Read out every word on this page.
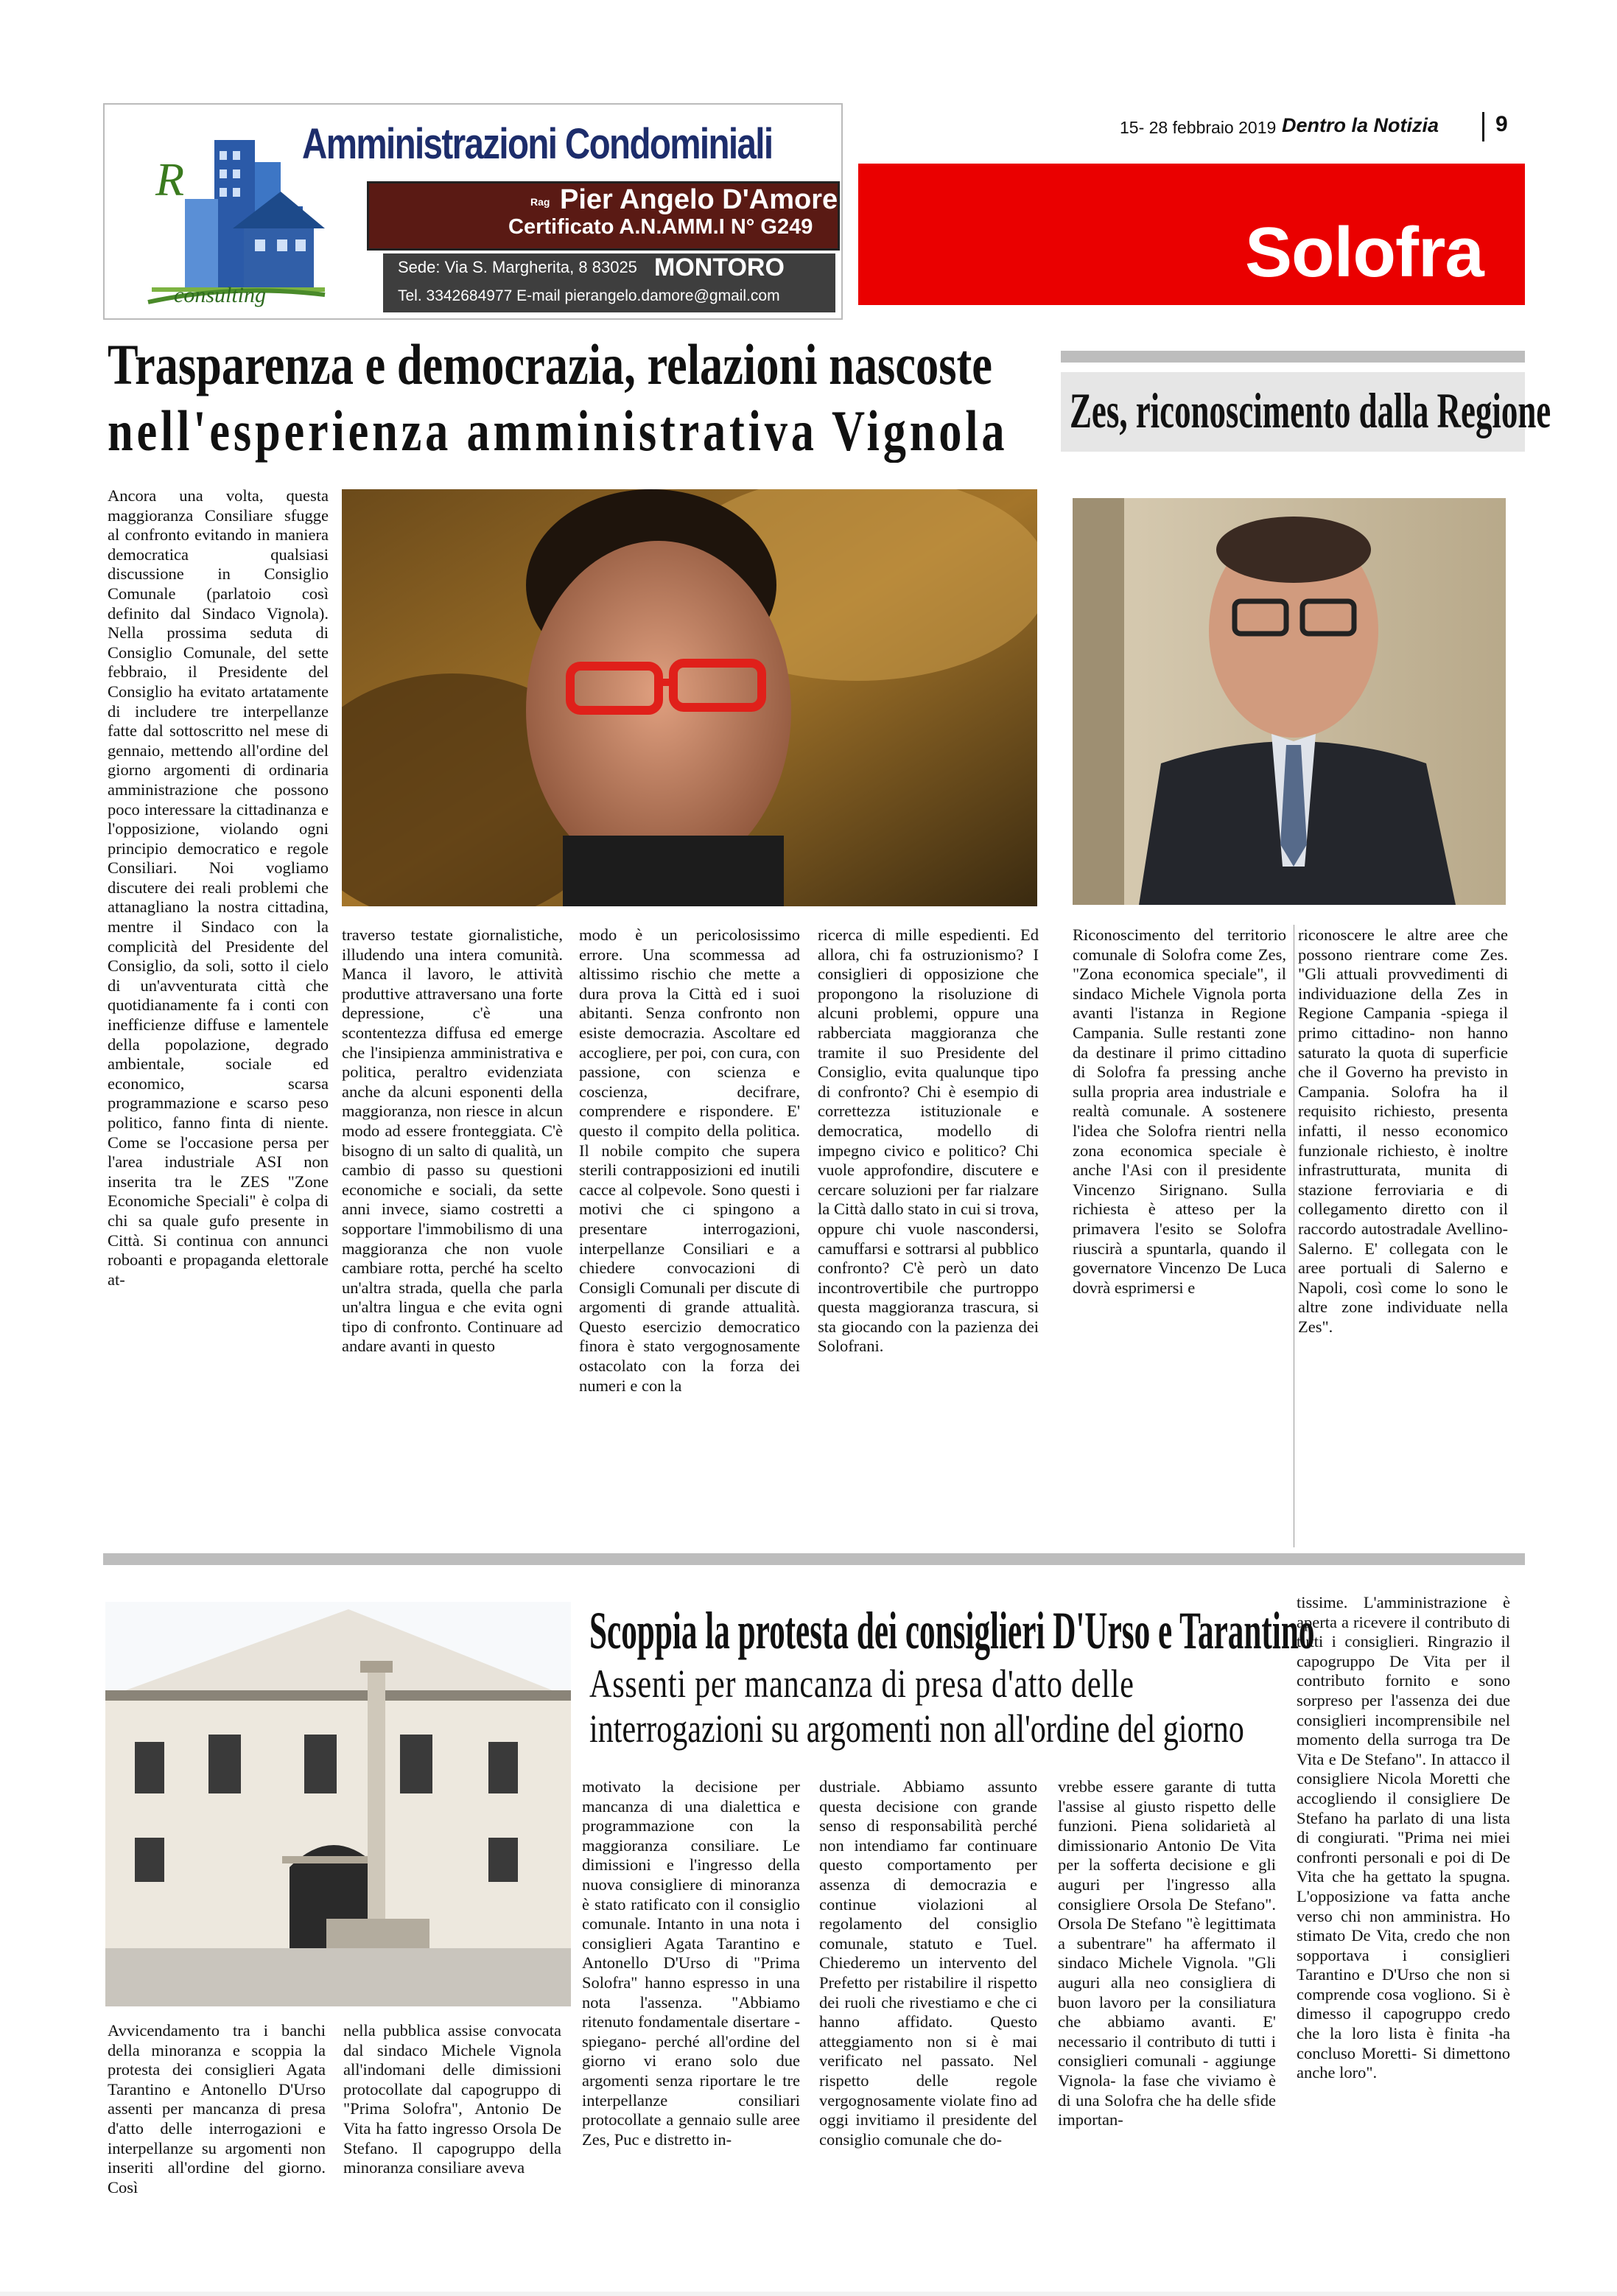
R
consulting
Amministrazioni Condominiali
Rag Pier Angelo D'Amore
Certificato A.N.AMM.I N° G249
Sede: Via S. Margherita, 8 83025 MONTORO
Tel. 3342684977 E-mail pierangelo.damore@gmail.com
15- 28 febbraio 2019 Dentro la Notizia	9
Solofra
Trasparenza e democrazia, relazioni nascoste
nell'esperienza amministrativa Vignola

Ancora una volta, questa maggioranza Consiliare sfugge al confronto evitando in maniera democratica qualsiasi discussione in Consiglio Comunale (parlatoio così definito dal Sindaco Vignola). Nella prossima seduta di Consiglio Comunale, del sette febbraio, il Presidente del Consiglio ha evitato artatamente di includere tre interpellanze fatte dal sottoscritto nel mese di gennaio, mettendo all'ordine del giorno argomenti di ordinaria amministrazione che possono poco interessare la cittadinanza e l'opposizione, violando ogni principio democratico e regole Consiliari. Noi vogliamo discutere dei reali problemi che attanagliano la nostra cittadina, mentre il Sindaco con la complicità del Presidente del Consiglio, da soli, sotto il cielo di un'avventurata città che quotidianamente fa i conti con inefficienze diffuse e lamentele della popolazione, degrado ambientale, sociale ed economico, scarsa programmazione e scarso peso politico, fanno finta di niente. Come se l'occasione persa per l'area industriale ASI non inserita tra le ZES "Zone Economiche Speciali" è colpa di chi sa quale gufo presente in Città. Si continua con annunci roboanti e propaganda elettorale at-

traverso testate giornalistiche, illudendo una intera comunità. Manca il lavoro, le attività produttive attraversano una forte depressione, c'è una scontentezza diffusa ed emerge che l'insipienza amministrativa e politica, peraltro evidenziata anche da alcuni esponenti della maggioranza, non riesce in alcun modo ad essere fronteggiata. C'è bisogno di un salto di qualità, un cambio di passo su questioni economiche e sociali, da sette anni invece, siamo costretti a sopportare l'immobilismo di una maggioranza che non vuole cambiare rotta, perché ha scelto un'altra strada, quella che parla un'altra lingua e che evita ogni tipo di confronto. Continuare ad andare avanti in questo

modo è un pericolosissimo errore. Una scommessa ad altissimo rischio che mette a dura prova la Città ed i suoi abitanti. Senza confronto non esiste democrazia. Ascoltare ed accogliere, per poi, con cura, con passione, con scienza e coscienza, decifrare, comprendere e rispondere. E' questo il compito della politica. Il nobile compito che supera sterili contrapposizioni ed inutili cacce al colpevole. Sono questi i motivi che ci spingono a presentare interrogazioni, interpellanze Consiliari e a chiedere convocazioni di Consigli Comunali per discute di argomenti di grande attualità. Questo esercizio democratico finora è stato vergognosamente ostacolato con la forza dei numeri e con la

ricerca di mille espedienti. Ed allora, chi fa ostruzionismo? I consiglieri di opposizione che propongono la risoluzione di alcuni problemi, oppure una rabberciata maggioranza che tramite il suo Presidente del Consiglio, evita qualunque tipo di confronto? Chi è esempio di correttezza istituzionale e democratica, modello di impegno civico e politico? Chi vuole approfondire, discutere e cercare soluzioni per far rialzare la Città dallo stato in cui si trova, oppure chi vuole nascondersi, camuffarsi e sottrarsi al pubblico confronto? C'è però un dato incontrovertibile che purtroppo questa maggioranza trascura, si sta giocando con la pazienza dei Solofrani.

Zes, riconoscimento dalla Regione

Riconoscimento del territorio comunale di Solofra come Zes, "Zona economica speciale", il sindaco Michele Vignola porta avanti l'istanza in Regione Campania. Sulle restanti zone da destinare il primo cittadino di Solofra fa pressing anche sulla propria area industriale e realtà comunale. A sostenere l'idea che Solofra rientri nella zona economica speciale è anche l'Asi con il presidente Vincenzo Sirignano. Sulla richiesta è atteso per la primavera l'esito se Solofra riuscirà a spuntarla, quando il governatore Vincenzo De Luca dovrà esprimersi e

riconoscere le altre aree che possono rientrare come Zes. "Gli attuali provvedimenti di individuazione della Zes in Regione Campania -spiega il primo cittadino- non hanno saturato la quota di superficie che il Governo ha previsto in Campania. Solofra ha il requisito richiesto, presenta infatti, il nesso economico funzionale richiesto, è inoltre infrastrutturata, munita di stazione ferroviaria e di collegamento diretto con il raccordo autostradale Avellino-Salerno. E' collegata con le aree portuali di Salerno e Napoli, così come lo sono le altre zone individuate nella Zes".

Scoppia la protesta dei consiglieri D'Urso e Tarantino
Assenti per mancanza di presa d'atto delle
interrogazioni su argomenti non all'ordine del giorno

Avvicendamento tra i banchi della minoranza e scoppia la protesta dei consiglieri Agata Tarantino e Antonello D'Urso assenti per mancanza di presa d'atto delle interrogazioni e interpellanze su argomenti non inseriti all'ordine del giorno. Così

nella pubblica assise convocata dal sindaco Michele Vignola all'indomani delle dimissioni protocollate dal capogruppo di "Prima Solofra", Antonio De Vita ha fatto ingresso Orsola De Stefano. Il capogruppo della minoranza consiliare aveva

motivato la decisione per mancanza di una dialettica e programmazione con la maggioranza consiliare. Le dimissioni e l'ingresso della nuova consigliere di minoranza è stato ratificato con il consiglio comunale. Intanto in una nota i consiglieri Agata Tarantino e Antonello D'Urso di "Prima Solofra" hanno espresso in una nota l'assenza. "Abbiamo ritenuto fondamentale disertare - spiegano- perché all'ordine del giorno vi erano solo due argomenti senza riportare le tre interpellanze consiliari protocollate a gennaio sulle aree Zes, Puc e distretto in-

dustriale. Abbiamo assunto questa decisione con grande senso di responsabilità perché non intendiamo far continuare questo comportamento per assenza di democrazia e continue violazioni al regolamento del consiglio comunale, statuto e Tuel. Chiederemo un intervento del Prefetto per ristabilire il rispetto dei ruoli che rivestiamo e che ci hanno affidato. Questo atteggiamento non si è mai verificato nel passato. Nel rispetto delle regole vergognosamente violate fino ad oggi invitiamo il presidente del consiglio comunale che do-

vrebbe essere garante di tutta l'assise al giusto rispetto delle funzioni. Piena solidarietà al dimissionario Antonio De Vita per la sofferta decisione e gli auguri per l'ingresso alla consigliere Orsola De Stefano". Orsola De Stefano "è legittimata a subentrare" ha affermato il sindaco Michele Vignola. "Gli auguri alla neo consigliera di buon lavoro per la consiliatura che abbiamo avanti. E' necessario il contributo di tutti i consiglieri comunali - aggiunge Vignola- la fase che viviamo è di una Solofra che ha delle sfide importan-

tissime. L'amministrazione è aperta a ricevere il contributo di tutti i consiglieri. Ringrazio il capogruppo De Vita per il contributo fornito e sono sorpreso per l'assenza dei due consiglieri incomprensibile nel momento della surroga tra De Vita e De Stefano". In attacco il consigliere Nicola Moretti che accogliendo il consigliere De Stefano ha parlato di una lista di congiurati. "Prima nei miei confronti personali e poi di De Vita che ha gettato la spugna. L'opposizione va fatta anche verso chi non amministra. Ho stimato De Vita, credo che non sopportava i consiglieri Tarantino e D'Urso che non si comprende cosa vogliono. Si è dimesso il capogruppo credo che la loro lista è finita -ha concluso Moretti- Si dimettono anche loro".
